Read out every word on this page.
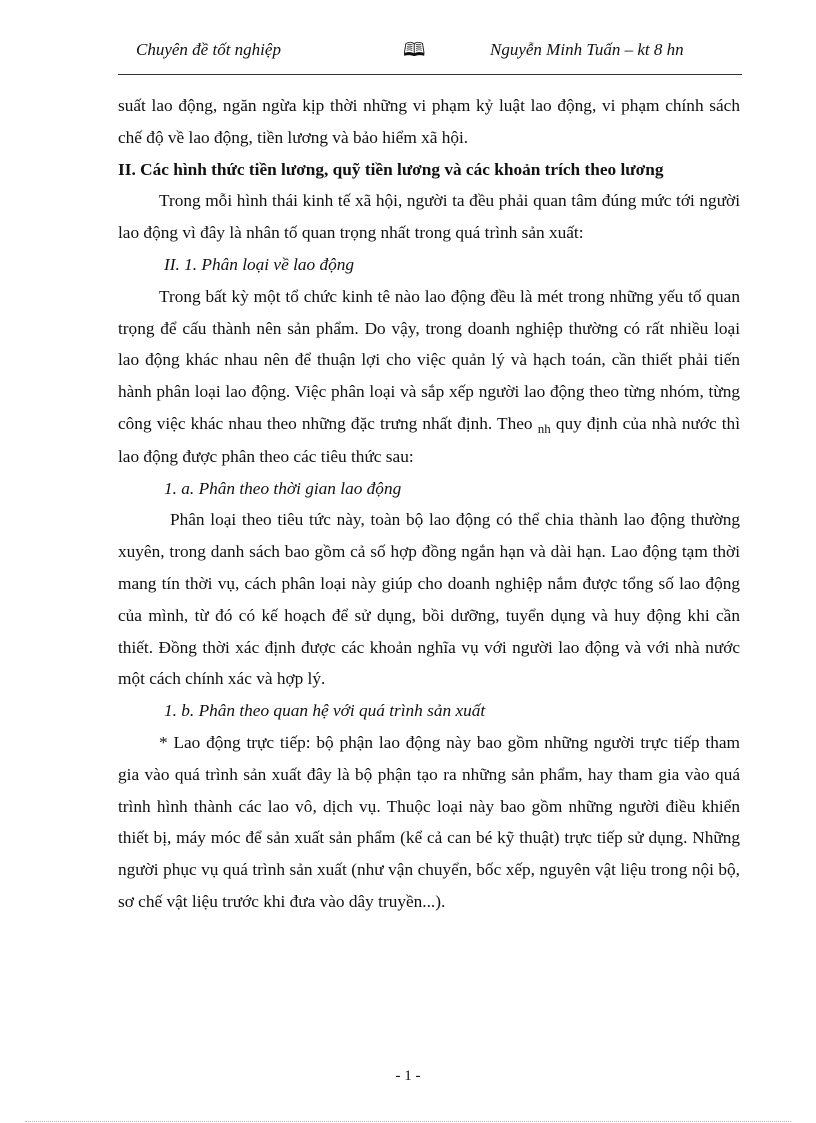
Chuyên đề tốt nghiệp	🕮	Nguyễn Minh Tuấn – kt 8 hn

suất lao động, ngăn ngừa kịp thời những vi phạm kỷ luật lao động, vi phạm chính sách chế độ về lao động, tiền lương và bảo hiểm xã hội.

II. Các hình thức tiền lương, quỹ tiền lương và các khoản trích theo lương

Trong mỗi hình thái kinh tế xã hội, người ta đều phải quan tâm đúng mức tới người lao động vì đây là nhân tố quan trọng nhất trong quá trình sản xuất:

II. 1. Phân loại về lao động

Trong bất kỳ một tổ chức kinh tê nào lao động đều là mét trong những yếu tố quan trọng để cấu thành nên sản phẩm. Do vậy, trong doanh nghiệp thường có rất nhiều loại lao động khác nhau nên để thuận lợi cho việc quản lý và hạch toán, cần thiết phải tiến hành phân loại lao động. Việc phân loại và sắp xếp người lao động theo từng nhóm, từng công việc khác nhau theo những đặc trưng nhất định. Theo $_{nh}$ quy định của nhà nước thì lao động được phân theo các tiêu thức sau:

1. a. Phân theo thời gian lao động

Phân loại theo tiêu tức này, toàn bộ lao động có thể chia thành lao động thường xuyên, trong danh sách bao gồm cả số hợp đồng ngắn hạn và dài hạn. Lao động tạm thời mang tín thời vụ, cách phân loại này giúp cho doanh nghiệp nắm được tổng số lao động của mình, từ đó có kế hoạch để sử dụng, bồi dưỡng, tuyển dụng và huy động khi cần thiết. Đồng thời xác định được các khoản nghĩa vụ với người lao động và với nhà nước một cách chính xác và hợp lý.

1. b. Phân theo quan hệ với quá trình sản xuất

* Lao động trực tiếp: bộ phận lao động này bao gồm những người trực tiếp tham gia vào quá trình sản xuất đây là bộ phận tạo ra những sản phẩm, hay tham gia vào quá trình hình thành các lao vô, dịch vụ. Thuộc loại này bao gồm những người điều khiển thiết bị, máy móc để sản xuất sản phẩm (kể cả can bé kỹ thuật) trực tiếp sử dụng. Những người phục vụ quá trình sản xuất (như vận chuyển, bốc xếp, nguyên vật liệu trong nội bộ, sơ chế vật liệu trước khi đưa vào dây truyền...).

- 1 -
